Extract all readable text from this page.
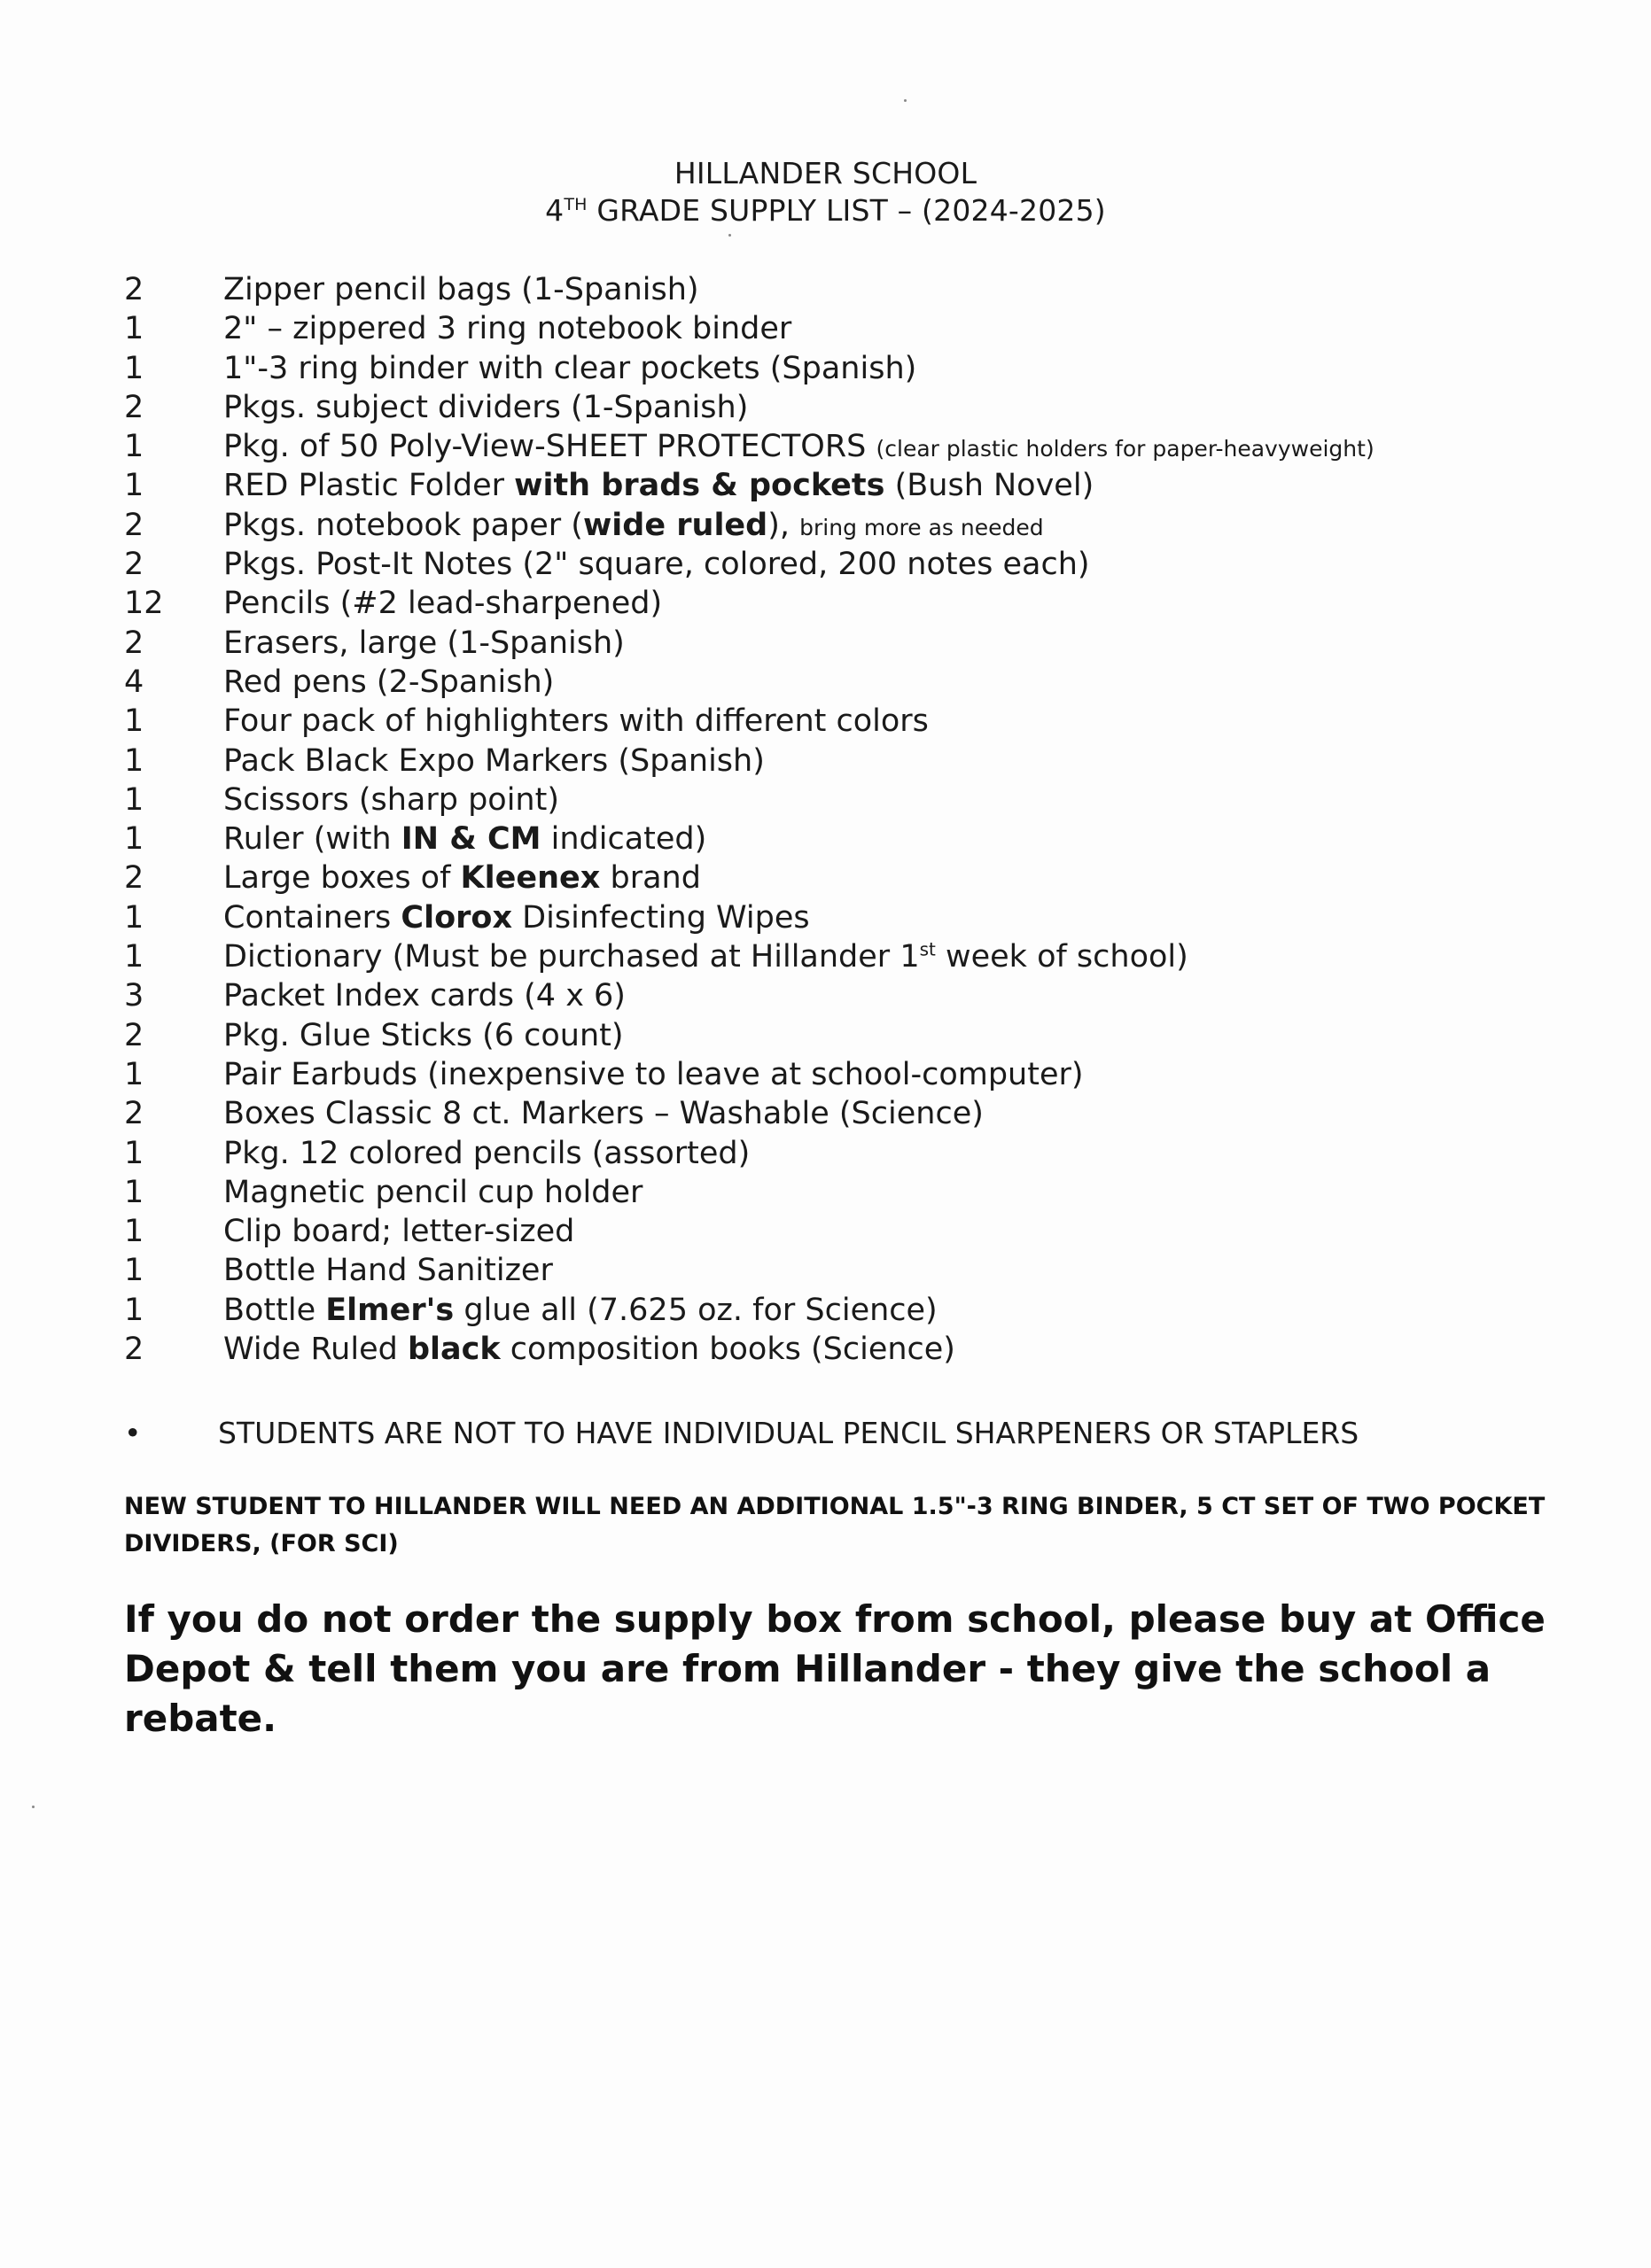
HILLANDER SCHOOL
4TH GRADE SUPPLY LIST – (2024-2025)
2	Zipper pencil bags (1-Spanish)
1	2" – zippered 3 ring notebook binder
1	1"-3 ring binder with clear pockets (Spanish)
2	Pkgs. subject dividers (1-Spanish)
1	Pkg. of 50 Poly-View-SHEET PROTECTORS (clear plastic holders for paper-heavyweight)
1	RED Plastic Folder with brads & pockets (Bush Novel)
2	Pkgs. notebook paper (wide ruled), bring more as needed
2	Pkgs. Post-It Notes (2" square, colored, 200 notes each)
12	Pencils (#2 lead-sharpened)
2	Erasers, large (1-Spanish)
4	Red pens (2-Spanish)
1	Four pack of highlighters with different colors
1	Pack Black Expo Markers (Spanish)
1	Scissors (sharp point)
1	Ruler (with IN & CM indicated)
2	Large boxes of Kleenex brand
1	Containers Clorox Disinfecting Wipes
1	Dictionary (Must be purchased at Hillander 1st week of school)
3	Packet Index cards (4 x 6)
2	Pkg. Glue Sticks (6 count)
1	Pair Earbuds (inexpensive to leave at school-computer)
2	Boxes Classic 8 ct. Markers – Washable (Science)
1	Pkg. 12 colored pencils (assorted)
1	Magnetic pencil cup holder
1	Clip board; letter-sized
1	Bottle Hand Sanitizer
1	Bottle Elmer's glue all (7.625 oz. for Science)
2	Wide Ruled black composition books (Science)
•	STUDENTS ARE NOT TO HAVE INDIVIDUAL PENCIL SHARPENERS OR STAPLERS
NEW STUDENT TO HILLANDER WILL NEED AN ADDITIONAL 1.5"-3 RING BINDER, 5 CT SET OF TWO POCKET DIVIDERS, (FOR SCI)
If you do not order the supply box from school, please buy at Office Depot & tell them you are from Hillander - they give the school a rebate.
